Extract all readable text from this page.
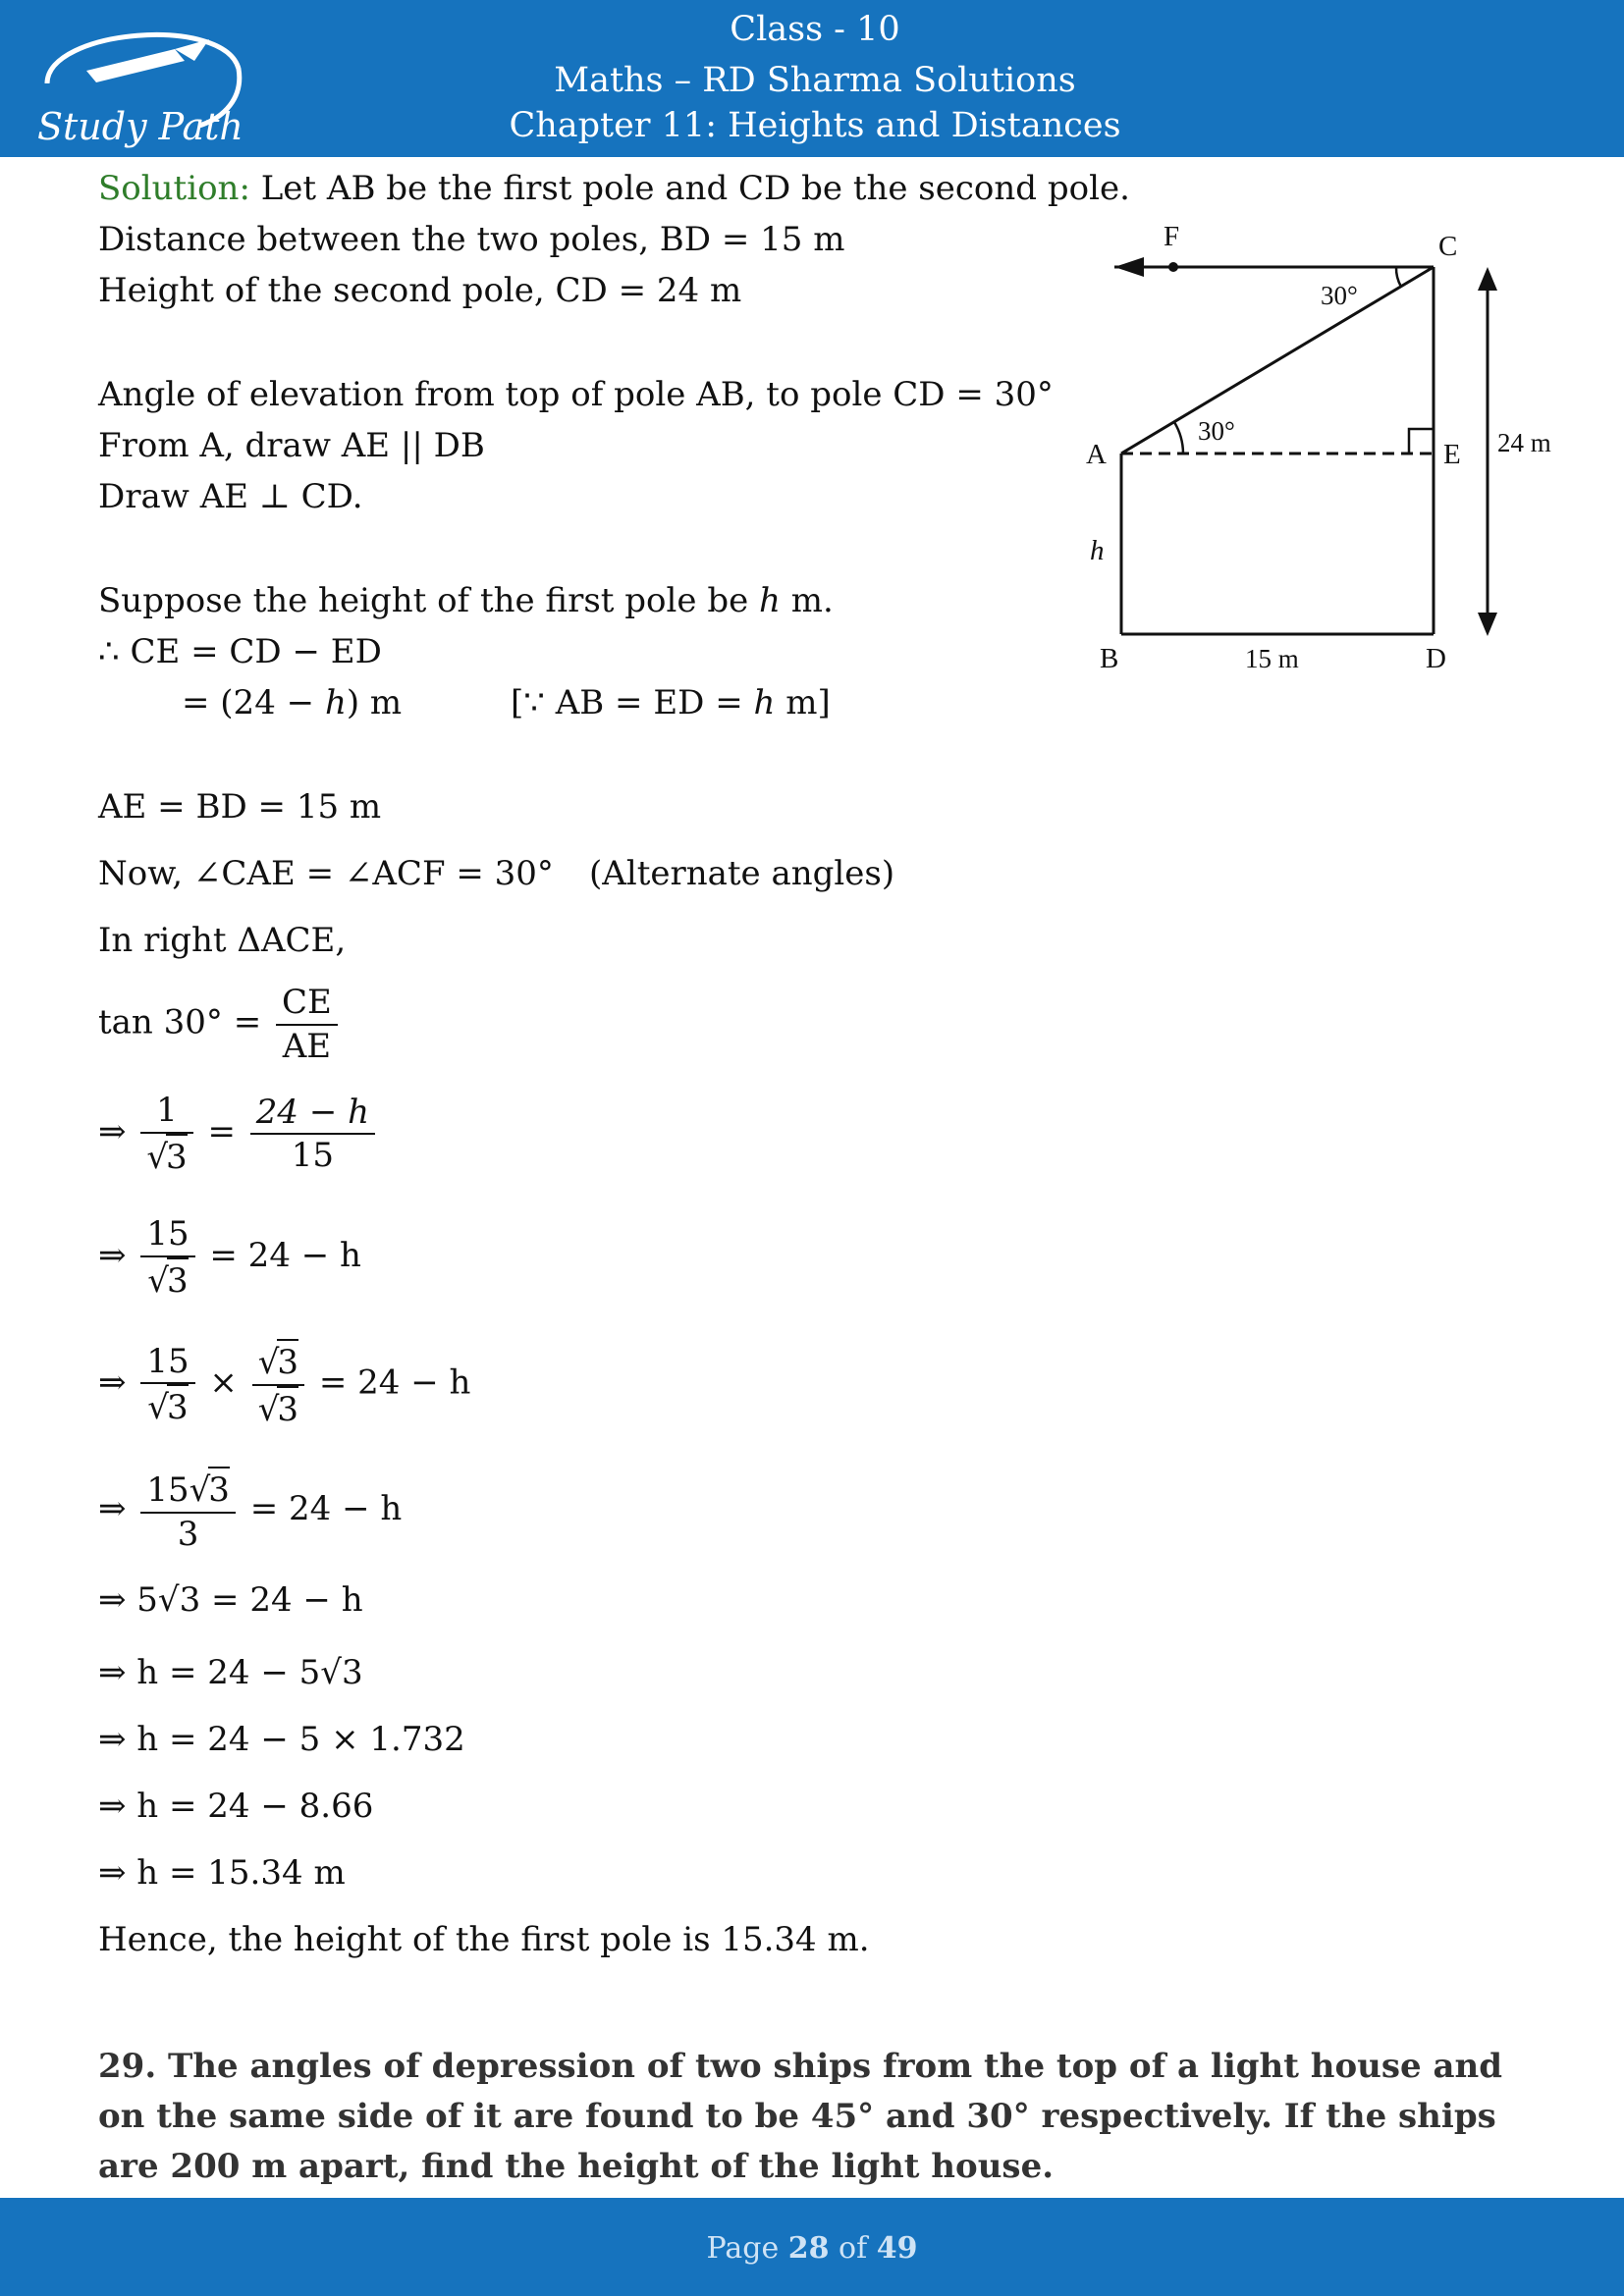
Study Path
Class - 10
Maths – RD Sharma Solutions
Chapter 11: Heights and Distances
Solution: Let AB be the first pole and CD be the second pole.
Distance between the two poles, BD = 15 m
Height of the second pole, CD = 24 m
Angle of elevation from top of pole AB, to pole CD = 30°
From A, draw AE || DB
Draw AE ⊥ CD.
Suppose the height of the first pole be h m.
∴ CE = CD − ED
= (24 − h) m	[∵ AB = ED = h m]
AE = BD = 15 m
Now, ∠CAE = ∠ACF = 30° (Alternate angles)
In right ΔACE,
$\tan 30^\circ = \frac{CE}{AE}$
⇒ $\frac{1}{√3} = \frac{24 - h}{15}$
⇒ $\frac{15}{√3} = 24 - h$
⇒ $\frac{15}{√3} \times \frac{√3}{√3} = 24 - h$
⇒ $\frac{15√3}{3} = 24 - h$
⇒ 5√3 = 24 − h
⇒ h = 24 − 5√3
⇒ h = 24 − 5 × 1.732
⇒ h = 24 − 8.66
⇒ h = 15.34 m
Hence, the height of the first pole is 15.34 m.
F	C
A	E
B	D
h
30°
30°
15 m
24 m
29. The angles of depression of two ships from the top of a light house and on the same side of it are found to be 45° and 30° respectively. If the ships are 200 m apart, find the height of the light house.
Page 28 of 49
